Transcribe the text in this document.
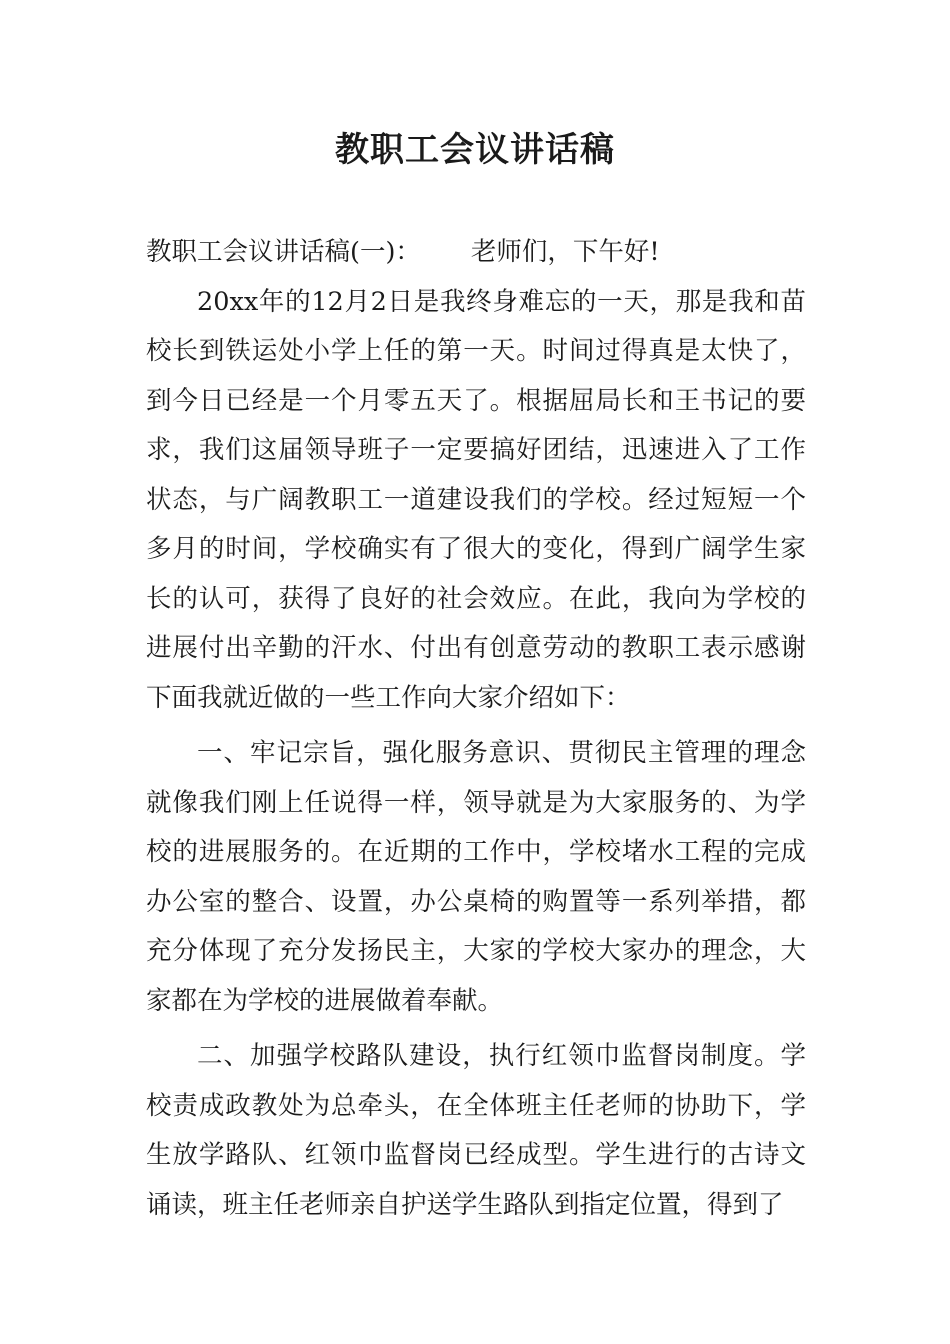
教职工会议讲话稿

教职工会议讲话稿(一)： 老师们，下午好!

20xx年的12月2日是我终身难忘的一天，那是我和苗校长到铁运处小学上任的第一天。时间过得真是太快了，到今日已经是一个月零五天了。根据屈局长和王书记的要求，我们这届领导班子一定要搞好团结，迅速进入了工作状态，与广阔教职工一道建设我们的学校。经过短短一个多月的时间，学校确实有了很大的变化，得到广阔学生家长的认可，获得了良好的社会效应。在此，我向为学校的进展付出辛勤的汗水、付出有创意劳动的教职工表示感谢下面我就近做的一些工作向大家介绍如下：

一、牢记宗旨，强化服务意识、贯彻民主管理的理念就像我们刚上任说得一样，领导就是为大家服务的、为学校的进展服务的。在近期的工作中，学校堵水工程的完成办公室的整合、设置，办公桌椅的购置等一系列举措，都充分体现了充分发扬民主，大家的学校大家办的理念，大家都在为学校的进展做着奉献。

二、加强学校路队建设，执行红领巾监督岗制度。学校责成政教处为总牵头，在全体班主任老师的协助下，学生放学路队、红领巾监督岗已经成型。学生进行的古诗文诵读，班主任老师亲自护送学生路队到指定位置，得到了
